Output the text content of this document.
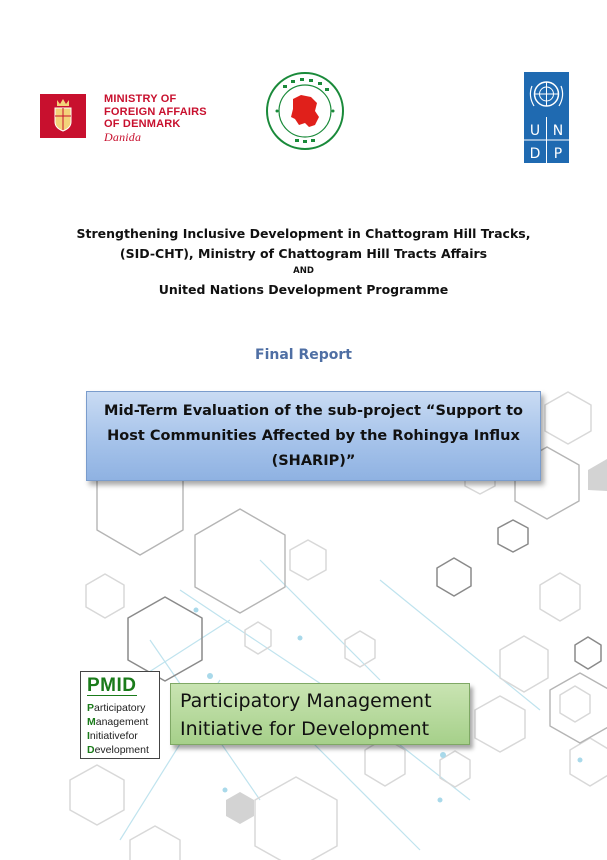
MINISTRY OF
FOREIGN AFFAIRS
OF DENMARK
Danida	U N
D P
Strengthening Inclusive Development in Chattogram Hill Tracks,
(SID-CHT), Ministry of Chattogram Hill Tracts Affairs
AND
United Nations Development Programme
Final Report
Mid-Term Evaluation of the sub-project “Support to
Host Communities Affected by the Rohingya Influx
(SHARIP)”
PMID
Participatory
Management
Initiativefor
Development
Participatory Management
Initiative for Development
